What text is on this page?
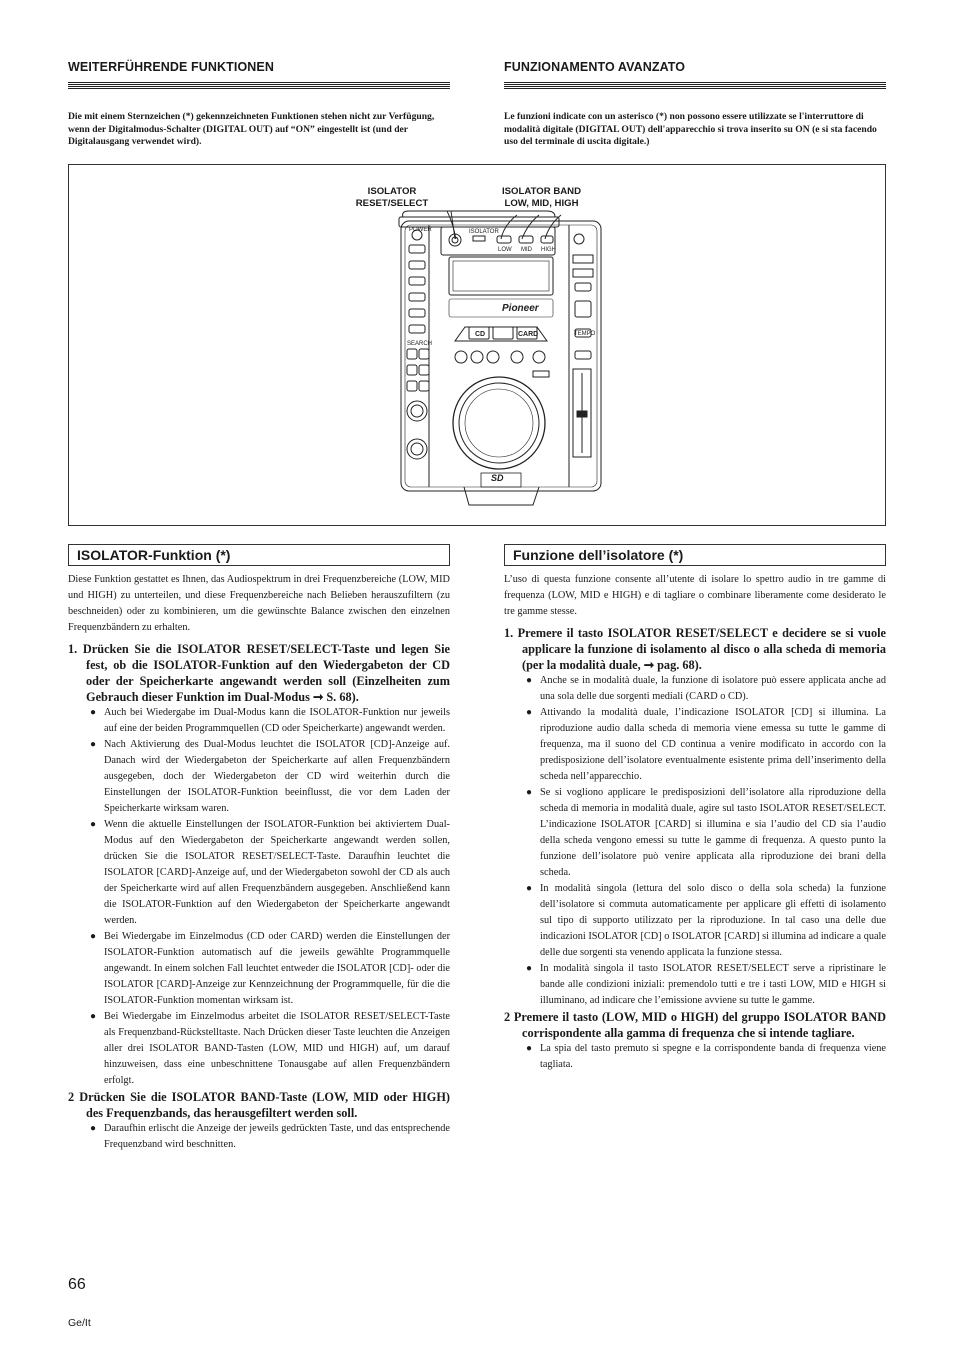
WEITERFÜHRENDE FUNKTIONEN	FUNZIONAMENTO AVANZATO
Die mit einem Sternzeichen (*) gekennzeichneten Funktionen stehen nicht zur Verfügung, wenn der Digitalmodus-Schalter (DIGITAL OUT) auf “ON” eingestellt ist (und der Digitalausgang verwendet wird).
Le funzioni indicate con un asterisco (*) non possono essere utilizzate se l'interruttore di modalità digitale (DIGITAL OUT) dell'apparecchio si trova inserito su ON (e si sta facendo uso del terminale di uscita digitale.)
ISOLATOR
RESET/SELECT
ISOLATOR BAND
LOW, MID, HIGH
ISOLATOR
LOW MID HIGH
POWER
TEMPO
SEARCH
CD	CARD
SD
Pioneer
ISOLATOR-Funktion (*)	Funzione dell’isolatore (*)

Diese Funktion gestattet es Ihnen, das Audiospektrum in drei Frequenzbereiche (LOW, MID und HIGH) zu unterteilen, und diese Frequenzbereiche nach Belieben herauszufiltern (zu beschneiden) oder zu kombinieren, um die gewünschte Balance zwischen den einzelnen Frequenzbändern zu erhalten.

1. Drücken Sie die ISOLATOR RESET/SELECT-Taste und legen Sie fest, ob die ISOLATOR-Funktion auf den Wiedergabeton der CD oder der Speicherkarte angewandt werden soll (Einzelheiten zum Gebrauch dieser Funktion im Dual-Modus ➞ S. 68).

● Auch bei Wiedergabe im Dual-Modus kann die ISOLATOR-Funktion nur jeweils auf eine der beiden Programmquellen (CD oder Speicherkarte) angewandt werden.

● Nach Aktivierung des Dual-Modus leuchtet die ISOLATOR [CD]-Anzeige auf. Danach wird der Wiedergabeton der Speicherkarte auf allen Frequenzbändern ausgegeben, doch der Wiedergabeton der CD wird weiterhin durch die Einstellungen der ISOLATOR-Funktion beeinflusst, die vor dem Laden der Speicherkarte wirksam waren.

● Wenn die aktuelle Einstellungen der ISOLATOR-Funktion bei aktiviertem Dual-Modus auf den Wiedergabeton der Speicherkarte angewandt werden sollen, drücken Sie die ISOLATOR RESET/SELECT-Taste. Daraufhin leuchtet die ISOLATOR [CARD]-Anzeige auf, und der Wiedergabeton sowohl der CD als auch der Speicherkarte wird auf allen Frequenzbändern ausgegeben. Anschließend kann die ISOLATOR-Funktion auf den Wiedergabeton der Speicherkarte angewandt werden.

● Bei Wiedergabe im Einzelmodus (CD oder CARD) werden die Einstellungen der ISOLATOR-Funktion automatisch auf die jeweils gewählte Programmquelle angewandt. In einem solchen Fall leuchtet entweder die ISOLATOR [CD]- oder die ISOLATOR [CARD]-Anzeige zur Kennzeichnung der Programmquelle, für die die ISOLATOR-Funktion momentan wirksam ist.

● Bei Wiedergabe im Einzelmodus arbeitet die ISOLATOR RESET/SELECT-Taste als Frequenzband-Rückstelltaste. Nach Drücken dieser Taste leuchten die Anzeigen aller drei ISOLATOR BAND-Tasten (LOW, MID und HIGH) auf, um darauf hinzuweisen, dass eine unbeschnittene Tonausgabe auf allen Frequenzbändern erfolgt.

2 Drücken Sie die ISOLATOR BAND-Taste (LOW, MID oder HIGH) des Frequenzbands, das herausgefiltert werden soll.

● Daraufhin erlischt die Anzeige der jeweils gedrückten Taste, und das entsprechende Frequenzband wird beschnitten.

L’uso di questa funzione consente all’utente di isolare lo spettro audio in tre gamme di frequenza (LOW, MID e HIGH) e di tagliare o combinare liberamente come desiderato le tre gamme stesse.

1. Premere il tasto ISOLATOR RESET/SELECT e decidere se si vuole applicare la funzione di isolamento al disco o alla scheda di memoria (per la modalità duale, ➞ pag. 68).

● Anche se in modalità duale, la funzione di isolatore può essere applicata anche ad una sola delle due sorgenti mediali (CARD o CD).

● Attivando la modalità duale, l’indicazione ISOLATOR [CD] si illumina. La riproduzione audio dalla scheda di memoria viene emessa su tutte le gamme di frequenza, ma il suono del CD continua a venire modificato in accordo con la predisposizione dell’isolatore eventualmente esistente prima dell’inserimento della scheda nell’apparecchio.

● Se si vogliono applicare le predisposizioni dell’isolatore alla riproduzione della scheda di memoria in modalità duale, agire sul tasto ISOLATOR RESET/SELECT. L’indicazione ISOLATOR [CARD] si illumina e sia l’audio del CD sia l’audio della scheda vengono emessi su tutte le gamme di frequenza. A questo punto la funzione dell’isolatore può venire applicata alla riproduzione dei brani della scheda.

● In modalità singola (lettura del solo disco o della sola scheda) la funzione dell’isolatore si commuta automaticamente per applicare gli effetti di isolamento sul tipo di supporto utilizzato per la riproduzione. In tal caso una delle due indicazioni ISOLATOR [CD] o ISOLATOR [CARD] si illumina ad indicare a quale delle due sorgenti sta venendo applicata la funzione stessa.

● In modalità singola il tasto ISOLATOR RESET/SELECT serve a ripristinare le bande alle condizioni iniziali: premendolo tutti e tre i tasti LOW, MID e HIGH si illuminano, ad indicare che l’emissione avviene su tutte le gamme.

2 Premere il tasto (LOW, MID o HIGH) del gruppo ISOLATOR BAND corrispondente alla gamma di frequenza che si intende tagliare.

● La spia del tasto premuto si spegne e la corrispondente banda di frequenza viene tagliata.

66
Ge/It
